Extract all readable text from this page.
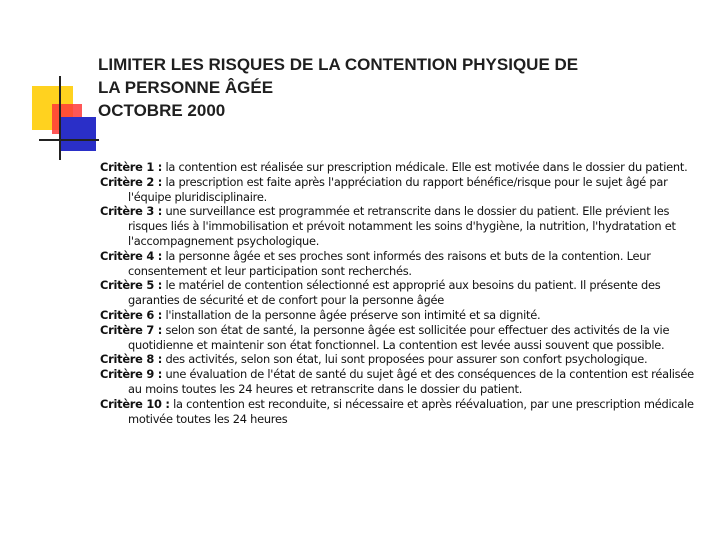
LIMITER LES RISQUES DE LA CONTENTION PHYSIQUE DE
LA PERSONNE ÂGÉE
OCTOBRE 2000
Critère 1 : la contention est réalisée sur prescription médicale. Elle est motivée dans le dossier du patient.
Critère 2 : la prescription est faite après l'appréciation du rapport bénéfice/risque pour le sujet âgé par l'équipe pluridisciplinaire.
Critère 3 : une surveillance est programmée et retranscrite dans le dossier du patient. Elle prévient les risques liés à l'immobilisation et prévoit notamment les soins d'hygiène, la nutrition, l'hydratation et l'accompagnement psychologique.
Critère 4 : la personne âgée et ses proches sont informés des raisons et buts de la contention. Leur consentement et leur participation sont recherchés.
Critère 5 : le matériel de contention sélectionné est approprié aux besoins du patient. Il présente des garanties de sécurité et de confort pour la personne âgée
Critère 6 : l'installation de la personne âgée préserve son intimité et sa dignité.
Critère 7 : selon son état de santé, la personne âgée est sollicitée pour effectuer des activités de la vie quotidienne et maintenir son état fonctionnel. La contention est levée aussi souvent que possible.
Critère 8 : des activités, selon son état, lui sont proposées pour assurer son confort psychologique.
Critère 9 : une évaluation de l'état de santé du sujet âgé et des conséquences de la contention est réalisée au moins toutes les 24 heures et retranscrite dans le dossier du patient.
Critère 10 : la contention est reconduite, si nécessaire et après réévaluation, par une prescription médicale motivée toutes les 24 heures
